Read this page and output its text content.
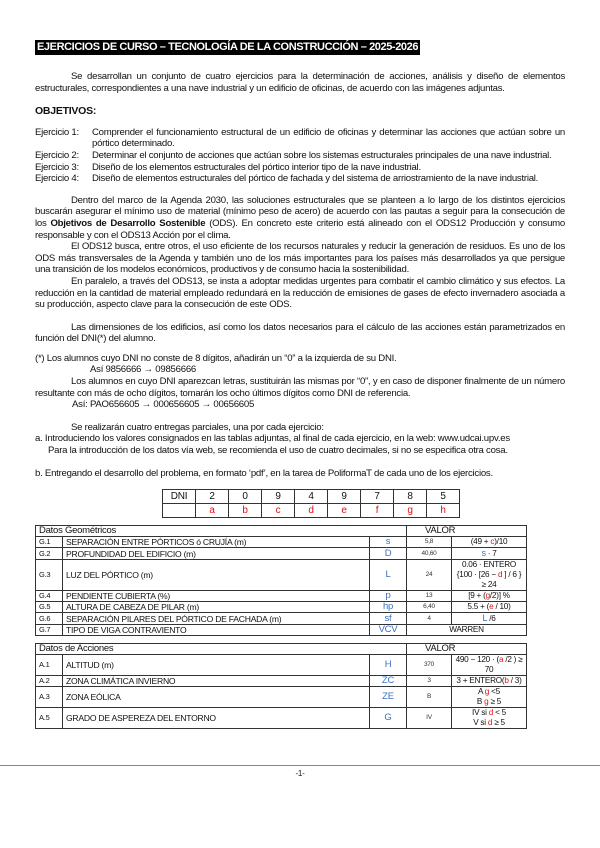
EJERCICIOS DE CURSO – TECNOLOGÍA DE LA CONSTRUCCIÓN – 2025-2026
Se desarrollan un conjunto de cuatro ejercicios para la determinación de acciones, análisis y diseño de elementos estructurales, correspondientes a una nave industrial y un edificio de oficinas, de acuerdo con las imágenes adjuntas.
OBJETIVOS:
Ejercicio 1:	Comprender el funcionamiento estructural de un edificio de oficinas y determinar las acciones que actúan sobre un pórtico determinado.
Ejercicio 2:	Determinar el conjunto de acciones que actúan sobre los sistemas estructurales principales de una nave industrial.
Ejercicio 3:	Diseño de los elementos estructurales del pórtico interior tipo de la nave industrial.
Ejercicio 4:	Diseño de elementos estructurales del pórtico de fachada y del sistema de arriostramiento de la nave industrial.
Dentro del marco de la Agenda 2030, las soluciones estructurales que se planteen a lo largo de los distintos ejercicios buscarán asegurar el mínimo uso de material (mínimo peso de acero) de acuerdo con las pautas a seguir para la consecución de los Objetivos de Desarrollo Sostenible (ODS). En concreto este criterio está alineado con el ODS12 Producción y consumo responsable y con el ODS13 Acción por el clima.
El ODS12 busca, entre otros, el uso eficiente de los recursos naturales y reducir la generación de residuos. Es uno de los ODS más transversales de la Agenda y también uno de los más importantes para los países más desarrollados ya que persigue una transición de los modelos económicos, productivos y de consumo hacia la sostenibilidad.
En paralelo, a través del ODS13, se insta a adoptar medidas urgentes para combatir el cambio climático y sus efectos. La reducción en la cantidad de material empleado redundará en la reducción de emisiones de gases de efecto invernadero asociada a su producción, aspecto clave para la consecución de este ODS.
Las dimensiones de los edificios, así como los datos necesarios para el cálculo de las acciones están parametrizados en función del DNI(*) del alumno.
(*) Los alumnos cuyo DNI no conste de 8 dígitos, añadirán un “0” a la izquierda de su DNI.
Así 9856666 → 09856666
Los alumnos en cuyo DNI aparezcan letras, sustituirán las mismas por “0”, y en caso de disponer finalmente de un número resultante con más de ocho dígitos, tomarán los ocho últimos dígitos como DNI de referencia.
Así: PAO656605 → 000656605 → 00656605
Se realizarán cuatro entregas parciales, una por cada ejercicio:
a. Introduciendo los valores consignados en las tablas adjuntas, al final de cada ejercicio, en la web: www.udcai.upv.es
Para la introducción de los datos vía web, se recomienda el uso de cuatro decimales, si no se especifica otra cosa.
b. Entregando el desarrollo del problema, en formato ‘pdf’, en la tarea de PoliformaT de cada uno de los ejercicios.
DNI	2	0	9	4	9	7	8	5
	a	b	c	d	e	f	g	h
Datos Geométricos			VALOR	
G.1	SEPARACIÓN ENTRE PÓRTICOS ó CRUJÍA (m)	s	5,8	(49 + c)/10
G.2	PROFUNDIDAD DEL EDIFICIO (m)	D	40,60	s · 7
G.3	LUZ DEL PÓRTICO (m)	L	24	0.06 · ENTERO {100 · [26 − d ] / 6 } ≥ 24
G.4	PENDIENTE CUBIERTA (%)	p	13	[9 + (g/2)] %
G.5	ALTURA DE CABEZA DE PILAR (m)	hp	6,40	5.5 + (e / 10)
G.6	SEPARACIÓN PILARES DEL PÓRTICO DE FACHADA (m)	sf	4	L /6
G.7	TIPO DE VIGA CONTRAVIENTO	VCV	WARREN	
Datos de Acciones			VALOR	
A.1	ALTITUD (m)	H	370	490 − 120 · (a /2 ) ≥ 70
A.2	ZONA CLIMÁTICA INVIERNO	ZC	3	3 + ENTERO(b / 3)
A.3	ZONA EÓLICA	ZE	B	A g <5
B g ≥ 5
A.5	GRADO DE ASPEREZA DEL ENTORNO	G	IV	IV si d < 5
V si d ≥ 5
-1-
